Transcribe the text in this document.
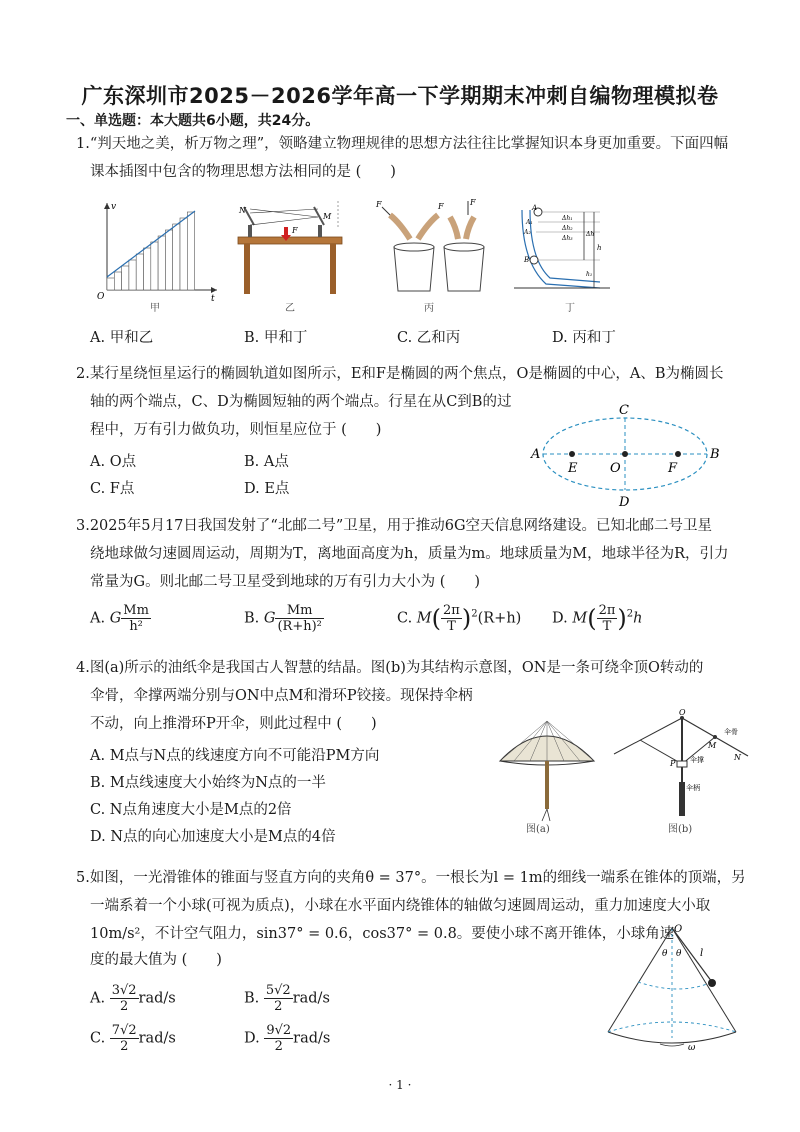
广东深圳市2025－2026学年高一下学期期末冲刺自编物理模拟卷
一、单选题：本大题共6小题，共24分。
1.“判天地之美，析万物之理”，领略建立物理规律的思想方法往往比掌握知识本身更加重要。下面四幅
课本插图中包含的物理思想方法相同的是 (　　)
v
t
O
甲
N
M
F
乙
F	F	F
丙
A
B
A₁
A₂
Δh₁
Δh₂
Δh₃
Δh
h
h₁
丁
A. 甲和乙	B. 甲和丁	C. 乙和丙	D. 丙和丁
2.某行星绕恒星运行的椭圆轨道如图所示，E和F是椭圆的两个焦点，O是椭圆的中心，A、B为椭圆长
轴的两个端点，C、D为椭圆短轴的两个端点。行星在从C到B的过
程中，万有引力做负功，则恒星应位于 (　　)
A	B
C
D
E	O	F
A. O点	B. A点
C. F点	D. E点
3.2025年5月17日我国发射了“北邮二号”卫星，用于推动6G空天信息网络建设。已知北邮二号卫星
绕地球做匀速圆周运动，周期为T，离地面高度为h，质量为m。地球质量为M，地球半径为R，引力
常量为G。则北邮二号卫星受到地球的万有引力大小为 (　　)
A. G $\frac{Mm}{\text{h²}}$	B. G $\frac{Mm}{\text{(R+h)²}}$	C. $M( \frac{2\pi}{T} )^2(R+h)$ D. $M( \frac{2\pi}{T} )^2h$
4.图(a)所示的油纸伞是我国古人智慧的结晶。图(b)为其结构示意图，ON是一条可绕伞顶O转动的
伞骨，伞撑两端分别与ON中点M和滑环P铰接。现保持伞柄
不动，向上推滑环P开伞，则此过程中 (　　)
A. M点与N点的线速度方向不可能沿PM方向
B. M点线速度大小始终为N点的一半
C. N点角速度大小是M点的2倍
D. N点的向心加速度大小是M点的4倍	图(a)
O
M
N
P
伞骨
伞撑
伞柄
图(b)
5.如图，一光滑锥体的锥面与竖直方向的夹角θ = 37°。一根长为l = 1m的细线一端系在锥体的顶端，另
一端系着一个小球(可视为质点)，小球在水平面内绕锥体的轴做匀速圆周运动，重力加速度大小取
10m/s²，不计空气阻力，sin37° = 0.6，cos37° = 0.8。要使小球不离开锥体，小球角速
度的最大值为 (　　)
A. $\frac{3√2}{2} rad/s$	B. $\frac{5√2}{2} rad/s$
C. $\frac{7√2}{2} rad/s$	D. $\frac{9√2}{2} rad/s$
O
θ θ l
ω
· 1 ·
